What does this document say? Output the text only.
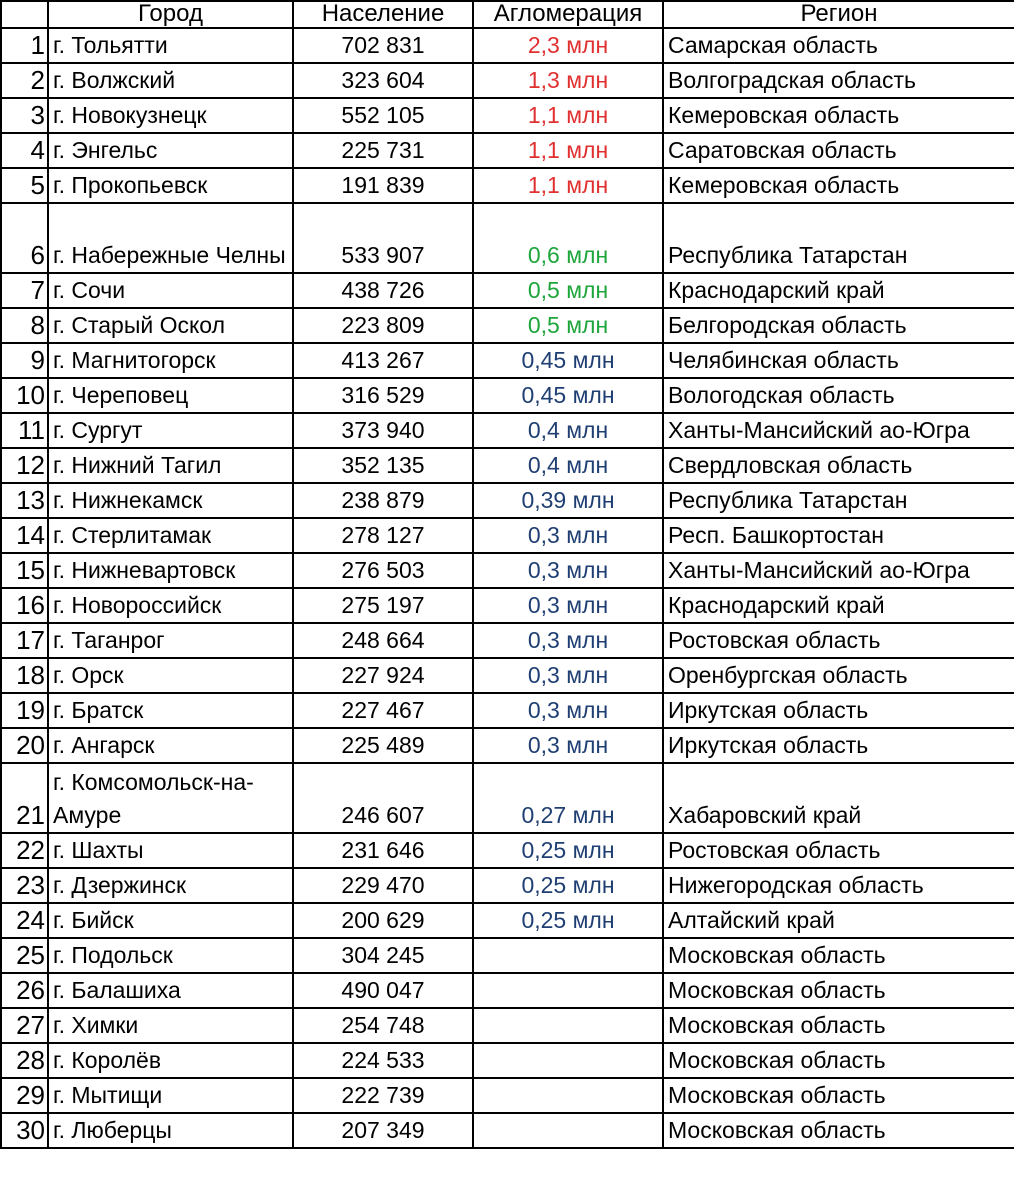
	Город	Население	Агломерация	Регион
1	г. Тольятти	702 831	2,3 млн	Самарская область
2	г. Волжский	323 604	1,3 млн	Волгоградская область
3	г. Новокузнецк	552 105	1,1 млн	Кемеровская область
4	г. Энгельс	225 731	1,1 млн	Саратовская область
5	г. Прокопьевск	191 839	1,1 млн	Кемеровская область
6	г. Набережные Челны	533 907	0,6 млн	Республика Татарстан
7	г. Сочи	438 726	0,5 млн	Краснодарский край
8	г. Старый Оскол	223 809	0,5 млн	Белгородская область
9	г. Магнитогорск	413 267	0,45 млн	Челябинская область
10	г. Череповец	316 529	0,45 млн	Вологодская область
11	г. Сургут	373 940	0,4 млн	Ханты-Мансийский ао-Югра
12	г. Нижний Тагил	352 135	0,4 млн	Свердловская область
13	г. Нижнекамск	238 879	0,39 млн	Республика Татарстан
14	г. Стерлитамак	278 127	0,3 млн	Респ. Башкортостан
15	г. Нижневартовск	276 503	0,3 млн	Ханты-Мансийский ао-Югра
16	г. Новороссийск	275 197	0,3 млн	Краснодарский край
17	г. Таганрог	248 664	0,3 млн	Ростовская область
18	г. Орск	227 924	0,3 млн	Оренбургская область
19	г. Братск	227 467	0,3 млн	Иркутская область
20	г. Ангарск	225 489	0,3 млн	Иркутская область
21	г. Комсомольск-на-Амуре	246 607	0,27 млн	Хабаровский край
22	г. Шахты	231 646	0,25 млн	Ростовская область
23	г. Дзержинск	229 470	0,25 млн	Нижегородская область
24	г. Бийск	200 629	0,25 млн	Алтайский край
25	г. Подольск	304 245		Московская область
26	г. Балашиха	490 047		Московская область
27	г. Химки	254 748		Московская область
28	г. Королёв	224 533		Московская область
29	г. Мытищи	222 739		Московская область
30	г. Люберцы	207 349		Московская область
